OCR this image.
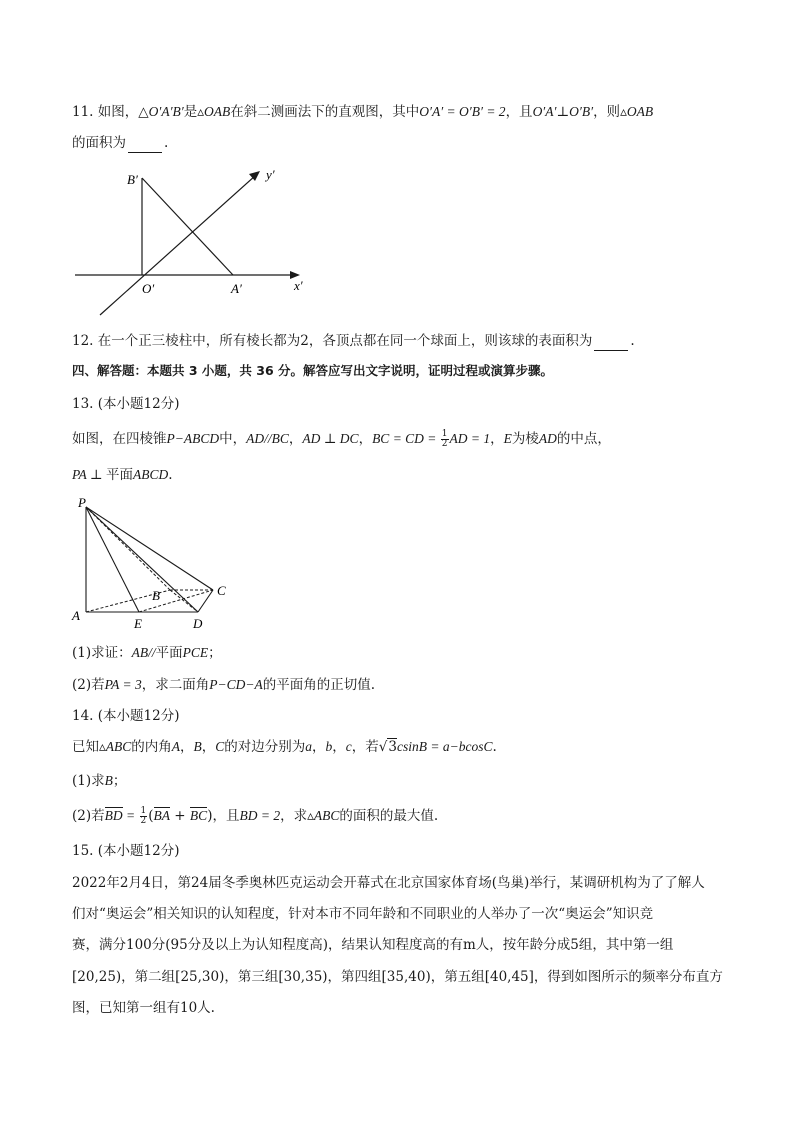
11. 如图，△O′A′B′是▵OAB在斜二测画法下的直观图，其中O′A′ = O′B′ = 2，且O′A′⊥O′B′，则▵OAB
的面积为	.
B′	y′
O′	A′	x′
12. 在一个正三棱柱中，所有棱长都为2，各顶点都在同一个球面上，则该球的表面积为	.
四、解答题：本题共 3 小题，共 36 分。解答应写出文字说明，证明过程或演算步骤。
13. (本小题12分)
如图，在四棱锥P−ABCD中，AD//BC，AD ⊥ DC，BC = CD = $\frac{1}{2}$ AD = 1，E为棱AD的中点，
PA ⊥ 平面ABCD.
P
C
B
A
E	D
(1)求证：AB//平面PCE；
(2)若PA = 3，求二面角P−CD−A的平面角的正切值.
14. (本小题12分)
已知▵ABC的内角A，B，C的对边分别为a，b，c，若√3csinB = a−bcosC.
(1)求B；
(2)若BD = $\frac{1}{2} (BA + BC)$，且BD = 2，求▵ABC的面积的最大值.
15. (本小题12分)
2022年2月4日，第24届冬季奥林匹克运动会开幕式在北京国家体育场(鸟巢)举行，某调研机构为了了解人
们对“奥运会”相关知识的认知程度，针对本市不同年龄和不同职业的人举办了一次“奥运会”知识竞
赛，满分100分(95分及以上为认知程度高)，结果认知程度高的有m人，按年龄分成5组，其中第一组
[20,25)，第二组[25,30)，第三组[30,35)，第四组[35,40)，第五组[40,45]，得到如图所示的频率分布直方
图，已知第一组有10人.
